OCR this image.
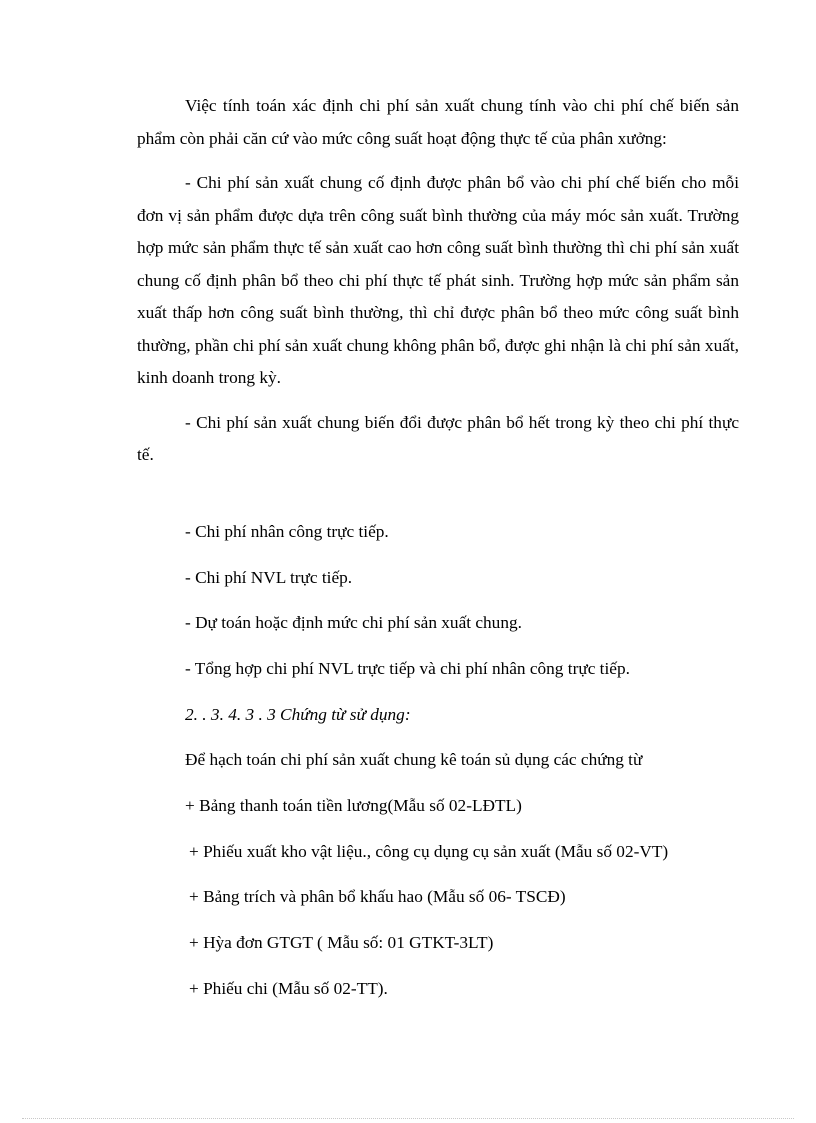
Việc tính toán xác định chi phí sản xuất chung tính vào chi phí chế biến sản phẩm còn phải căn cứ vào mức công suất hoạt động thực tế của phân xưởng:

- Chi phí sản xuất chung cố định được phân bổ vào chi phí chế biến cho mỗi đơn vị sản phẩm được dựa trên công suất bình thường của máy móc sản xuất. Trường hợp mức sản phẩm thực tế sản xuất cao hơn công suất bình thường thì chi phí sản xuất chung cố định phân bổ theo chi phí thực tế phát sinh. Trường hợp mức sản phẩm sản xuất thấp hơn công suất bình thường, thì chỉ được phân bổ theo mức công suất bình thường, phần chi phí sản xuất chung không phân bổ, được ghi nhận là chi phí sản xuất, kinh doanh trong kỳ.

- Chi phí sản xuất chung biến đổi được phân bổ hết trong kỳ theo chi phí thực tế.

- Chi phí nhân công trực tiếp.
- Chi phí NVL trực tiếp.
- Dự toán hoặc định mức chi phí sản xuất chung.
- Tổng hợp chi phí NVL trực tiếp và chi phí nhân công trực tiếp.
2. . 3. 4. 3 . 3 Chứng từ sử dụng:
Để hạch toán chi phí sản xuất chung kê toán sủ dụng các chứng từ
+ Bảng thanh toán tiền lương(Mẫu số 02-LĐTL)
+ Phiếu xuất kho vật liệu., công cụ dụng cụ sản xuất (Mẫu số 02-VT)
+ Bảng trích và phân bổ khấu hao (Mẫu số 06- TSCĐ)
+ Hỳa đơn GTGT ( Mẫu số: 01 GTKT-3LT)
+ Phiếu chi (Mẫu số 02-TT).
